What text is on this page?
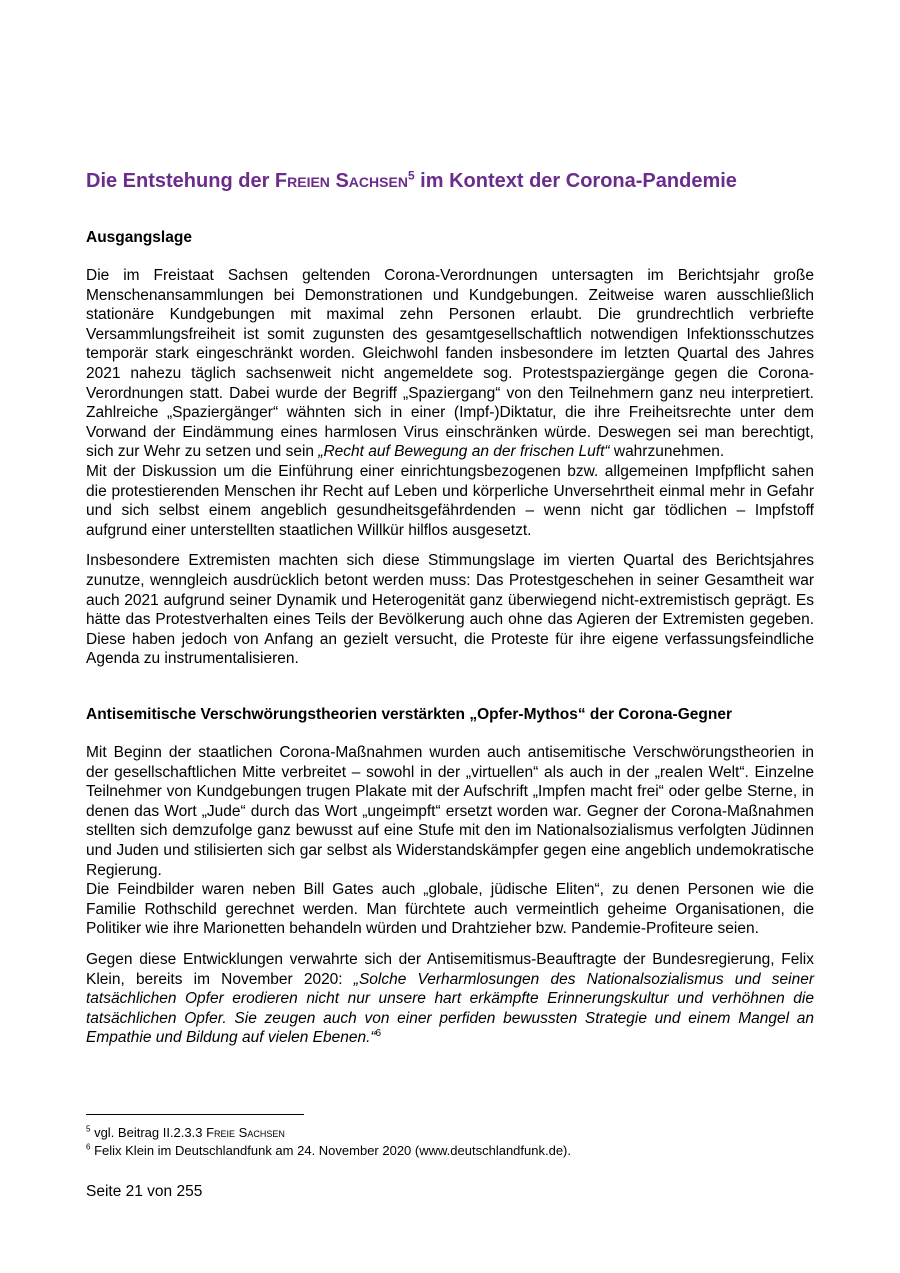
Die Entstehung der Freien Sachsen$^5$ im Kontext der Corona-Pandemie

Ausgangslage

Die im Freistaat Sachsen geltenden Corona-Verordnungen untersagten im Berichtsjahr große Menschenansammlungen bei Demonstrationen und Kundgebungen. Zeitweise waren ausschließlich stationäre Kundgebungen mit maximal zehn Personen erlaubt. Die grundrechtlich verbriefte Versammlungsfreiheit ist somit zugunsten des gesamtgesellschaftlich notwendigen Infektionsschutzes temporär stark eingeschränkt worden. Gleichwohl fanden insbesondere im letzten Quartal des Jahres 2021 nahezu täglich sachsenweit nicht angemeldete sog. Protestspaziergänge gegen die Corona-Verordnungen statt. Dabei wurde der Begriff „Spaziergang“ von den Teilnehmern ganz neu interpretiert. Zahlreiche „Spaziergänger“ wähnten sich in einer (Impf-)Diktatur, die ihre Freiheitsrechte unter dem Vorwand der Eindämmung eines harmlosen Virus einschränken würde. Deswegen sei man berechtigt, sich zur Wehr zu setzen und sein „Recht auf Bewegung an der frischen Luft“ wahrzunehmen.

Mit der Diskussion um die Einführung einer einrichtungsbezogenen bzw. allgemeinen Impfpflicht sahen die protestierenden Menschen ihr Recht auf Leben und körperliche Unversehrtheit einmal mehr in Gefahr und sich selbst einem angeblich gesundheitsgefährdenden – wenn nicht gar tödlichen – Impfstoff aufgrund einer unterstellten staatlichen Willkür hilflos ausgesetzt.

Insbesondere Extremisten machten sich diese Stimmungslage im vierten Quartal des Berichtsjahres zunutze, wenngleich ausdrücklich betont werden muss: Das Protestgeschehen in seiner Gesamtheit war auch 2021 aufgrund seiner Dynamik und Heterogenität ganz überwiegend nicht-extremistisch geprägt. Es hätte das Protestverhalten eines Teils der Bevölkerung auch ohne das Agieren der Extremisten gegeben. Diese haben jedoch von Anfang an gezielt versucht, die Proteste für ihre eigene verfassungsfeindliche Agenda zu instrumentalisieren.

Antisemitische Verschwörungstheorien verstärkten „Opfer-Mythos“ der Corona-Gegner

Mit Beginn der staatlichen Corona-Maßnahmen wurden auch antisemitische Verschwörungstheorien in der gesellschaftlichen Mitte verbreitet – sowohl in der „virtuellen“ als auch in der „realen Welt“. Einzelne Teilnehmer von Kundgebungen trugen Plakate mit der Aufschrift „Impfen macht frei“ oder gelbe Sterne, in denen das Wort „Jude“ durch das Wort „ungeimpft“ ersetzt worden war. Gegner der Corona-Maßnahmen stellten sich demzufolge ganz bewusst auf eine Stufe mit den im Nationalsozialismus verfolgten Jüdinnen und Juden und stilisierten sich gar selbst als Widerstandskämpfer gegen eine angeblich undemokratische Regierung.

Die Feindbilder waren neben Bill Gates auch „globale, jüdische Eliten“, zu denen Personen wie die Familie Rothschild gerechnet werden. Man fürchtete auch vermeintlich geheime Organisationen, die Politiker wie ihre Marionetten behandeln würden und Drahtzieher bzw. Pandemie-Profiteure seien.

Gegen diese Entwicklungen verwahrte sich der Antisemitismus-Beauftragte der Bundesregierung, Felix Klein, bereits im November 2020: „Solche Verharmlosungen des Nationalsozialismus und seiner tatsächlichen Opfer erodieren nicht nur unsere hart erkämpfte Erinnerungskultur und verhöhnen die tatsächlichen Opfer. Sie zeugen auch von einer perfiden bewussten Strategie und einem Mangel an Empathie und Bildung auf vielen Ebenen.“$^6$

$^5$ vgl. Beitrag II.2.3.3 Freie Sachsen

$^6$ Felix Klein im Deutschlandfunk am 24. November 2020 (www.deutschlandfunk.de).

Seite 21 von 255
